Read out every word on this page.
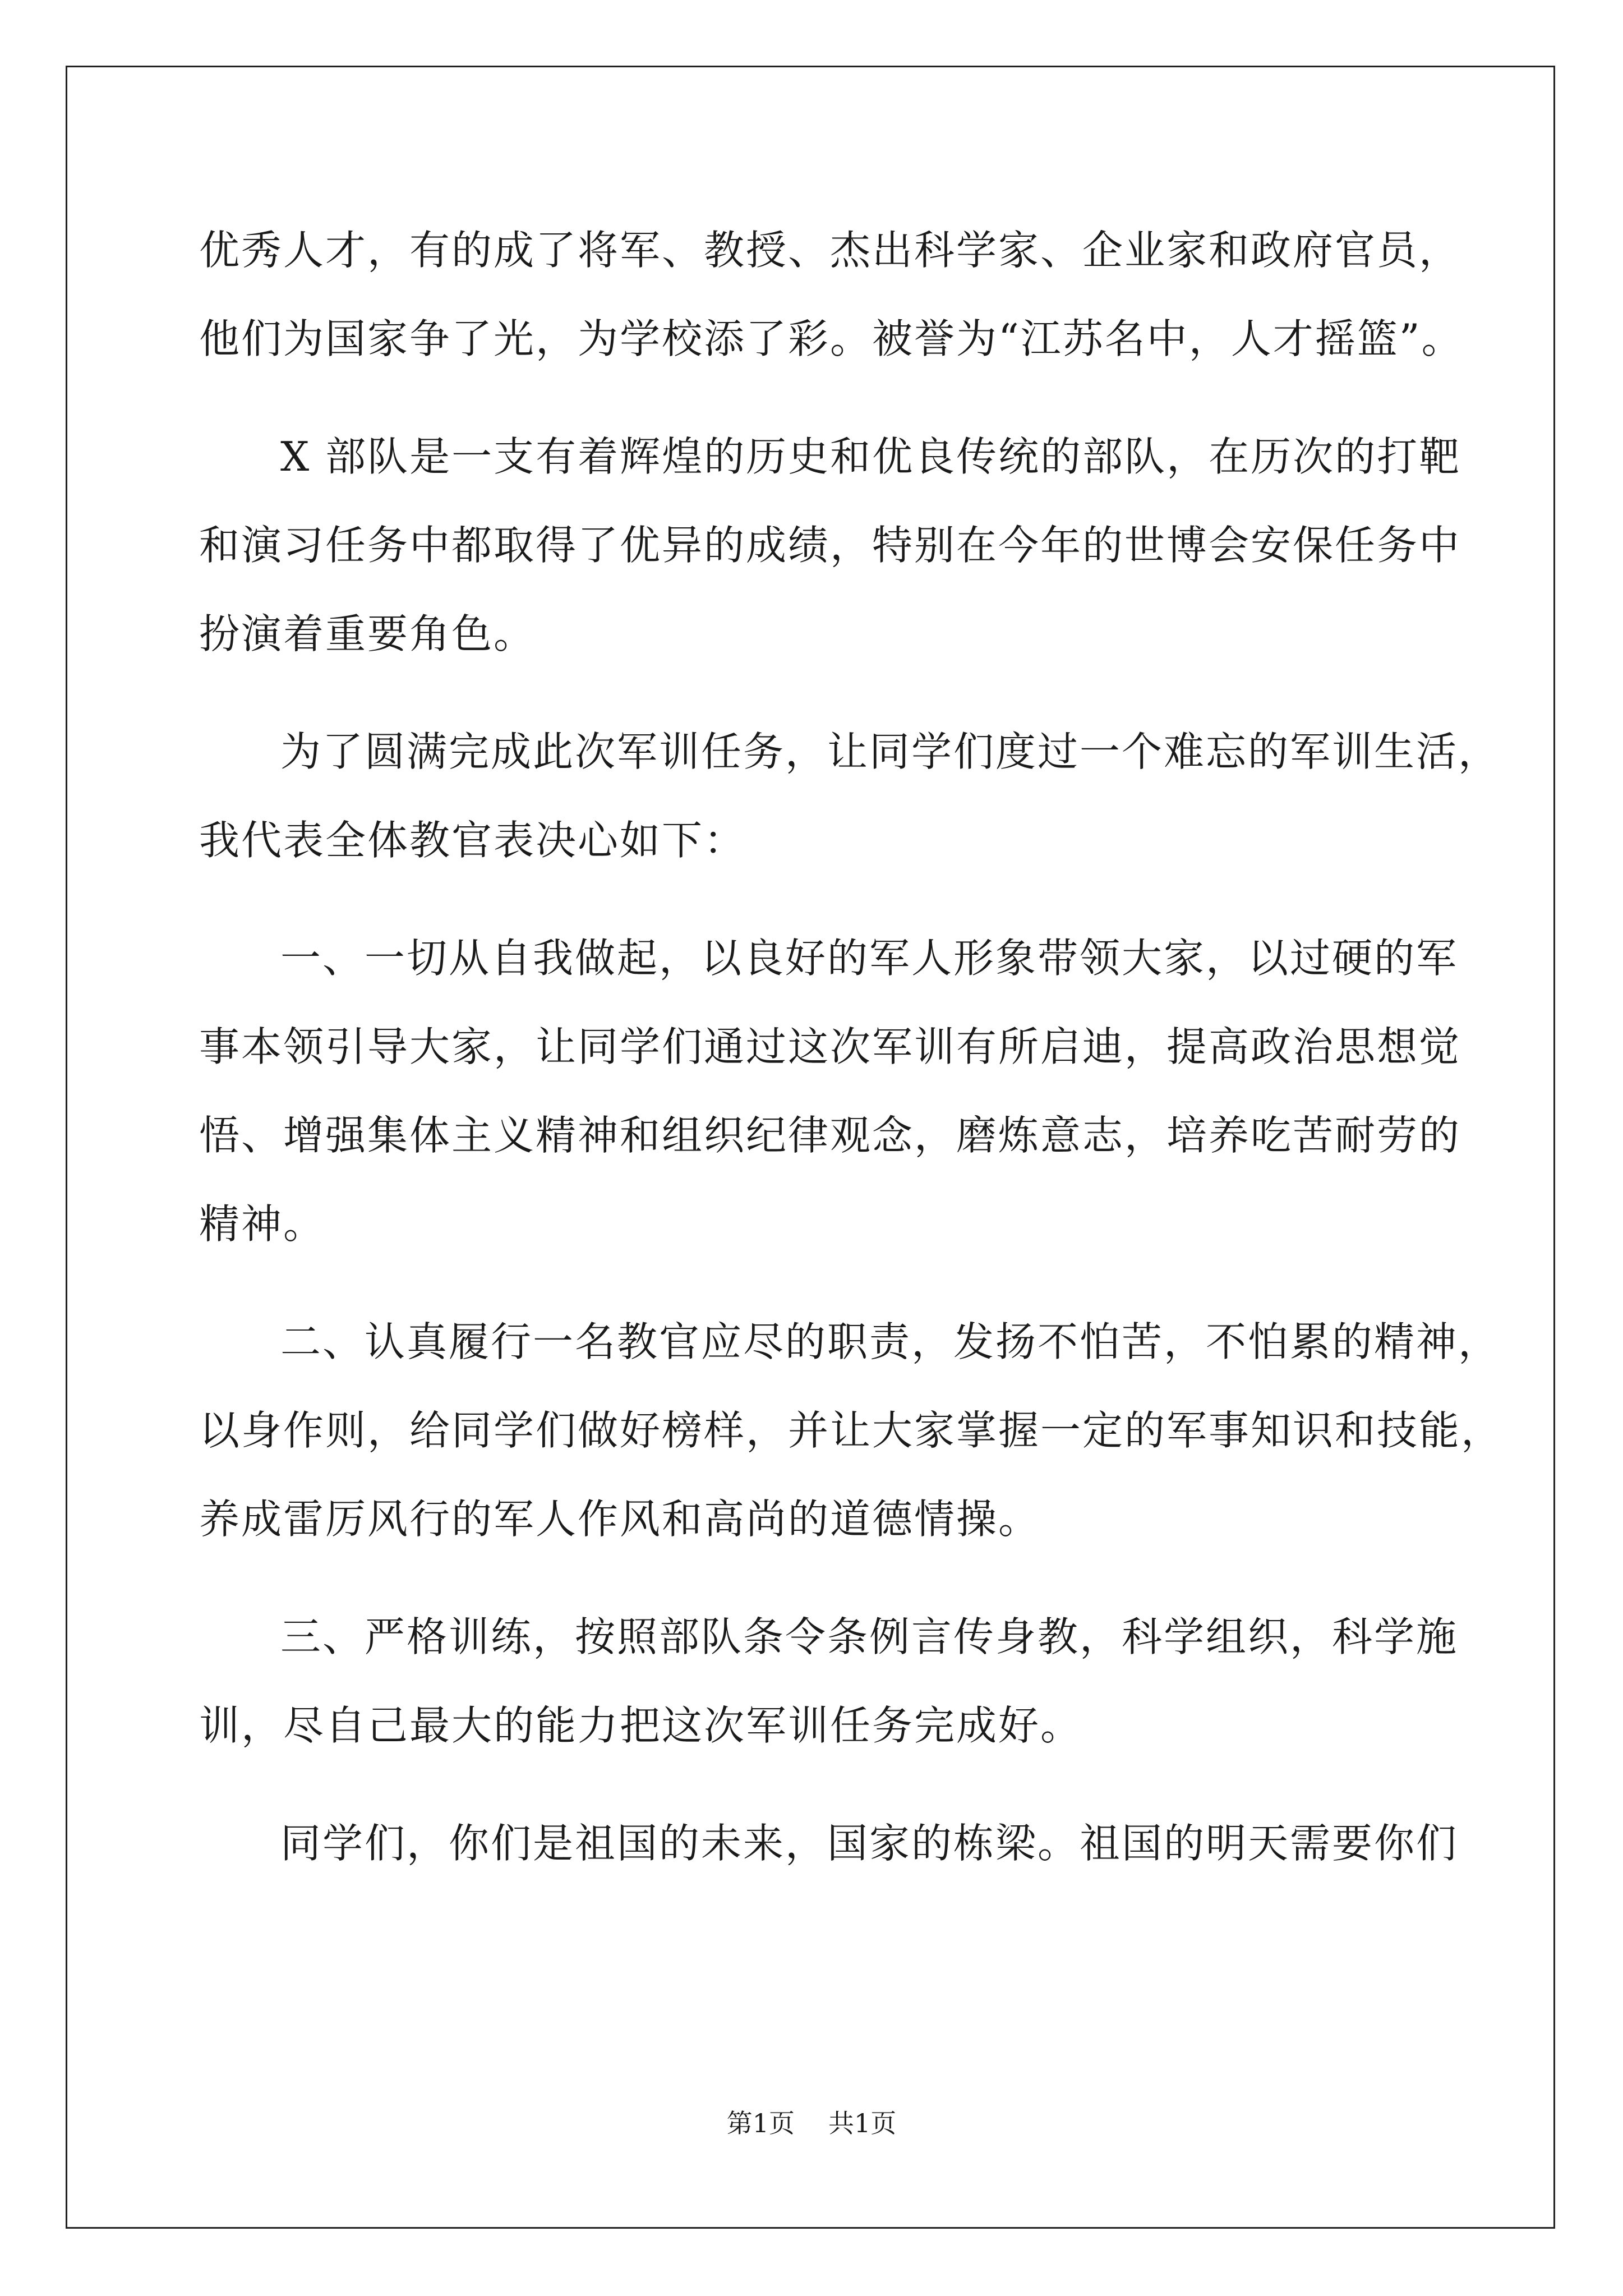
优秀人才，有的成了将军、教授、杰出科学家、企业家和政府官员，
他们为国家争了光，为学校添了彩。被誉为“江苏名中，人才摇篮”。
X 部队是一支有着辉煌的历史和优良传统的部队，在历次的打靶
和演习任务中都取得了优异的成绩，特别在今年的世博会安保任务中
扮演着重要角色。
为了圆满完成此次军训任务，让同学们度过一个难忘的军训生活，
我代表全体教官表决心如下：
一、一切从自我做起，以良好的军人形象带领大家，以过硬的军
事本领引导大家，让同学们通过这次军训有所启迪，提高政治思想觉
悟、增强集体主义精神和组织纪律观念，磨炼意志，培养吃苦耐劳的
精神。
二、认真履行一名教官应尽的职责，发扬不怕苦，不怕累的精神，
以身作则，给同学们做好榜样，并让大家掌握一定的军事知识和技能，
养成雷厉风行的军人作风和高尚的道德情操。
三、严格训练，按照部队条令条例言传身教，科学组织，科学施
训，尽自己最大的能力把这次军训任务完成好。
同学们，你们是祖国的未来，国家的栋梁。祖国的明天需要你们
第1页 共1页
